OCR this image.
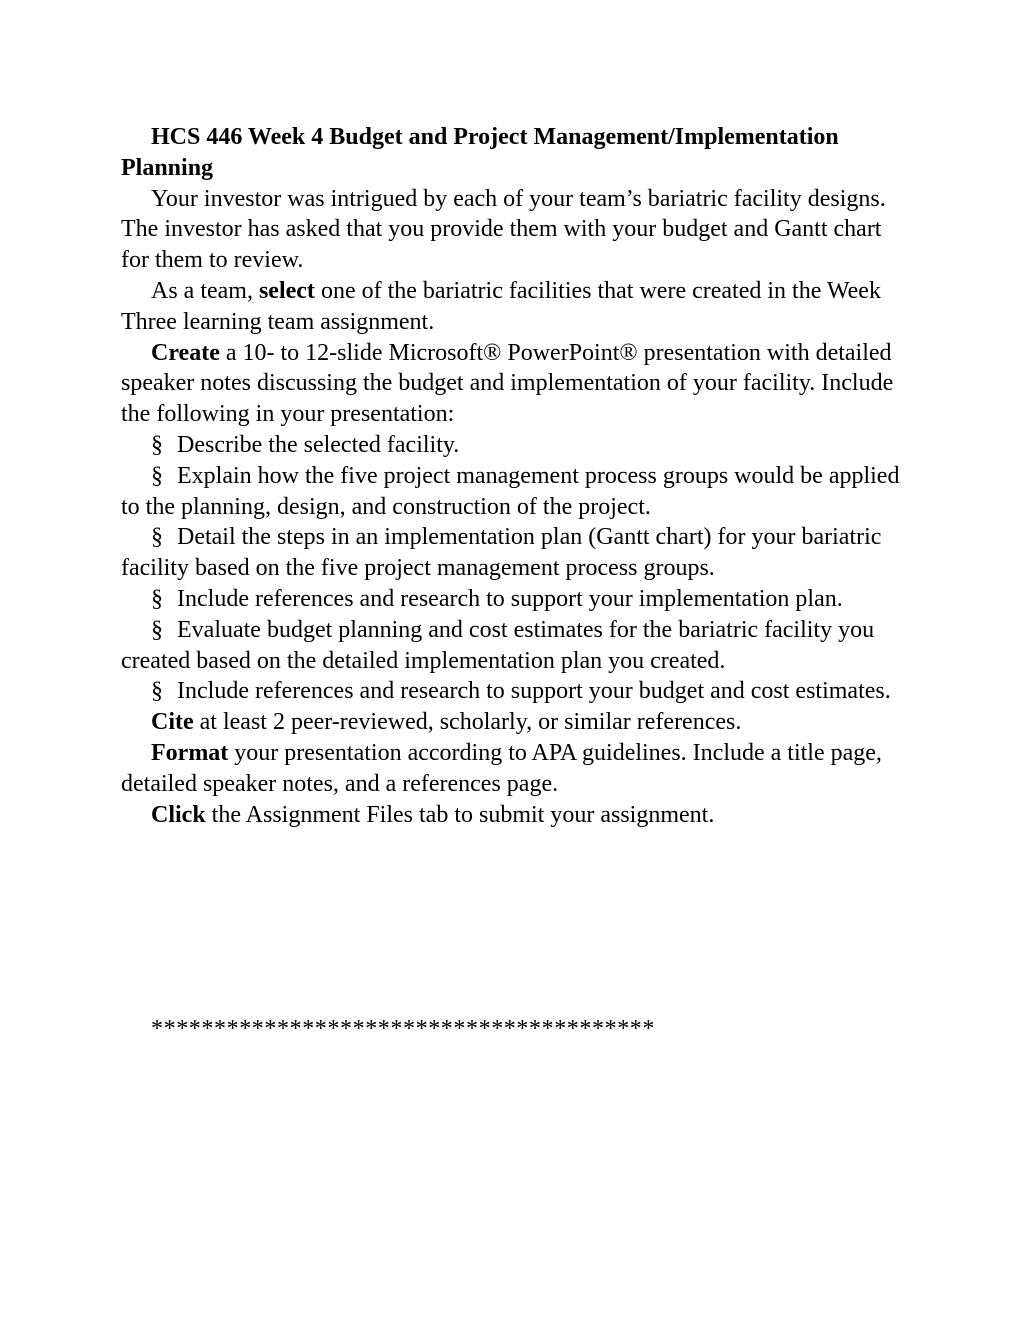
HCS 446 Week 4 Budget and Project Management/Implementation Planning

Your investor was intrigued by each of your team’s bariatric facility designs. The investor has asked that you provide them with your budget and Gantt chart for them to review.

As a team, select one of the bariatric facilities that were created in the Week Three learning team assignment.

Create a 10- to 12-slide Microsoft® PowerPoint® presentation with detailed speaker notes discussing the budget and implementation of your facility. Include the following in your presentation:

§ Describe the selected facility.

§ Explain how the five project management process groups would be applied to the planning, design, and construction of the project.

§ Detail the steps in an implementation plan (Gantt chart) for your bariatric facility based on the five project management process groups.

§ Include references and research to support your implementation plan.

§ Evaluate budget planning and cost estimates for the bariatric facility you created based on the detailed implementation plan you created.

§ Include references and research to support your budget and cost estimates.

Cite at least 2 peer-reviewed, scholarly, or similar references.

Format your presentation according to APA guidelines. Include a title page, detailed speaker notes, and a references page.

Click the Assignment Files tab to submit your assignment.

****************************************
